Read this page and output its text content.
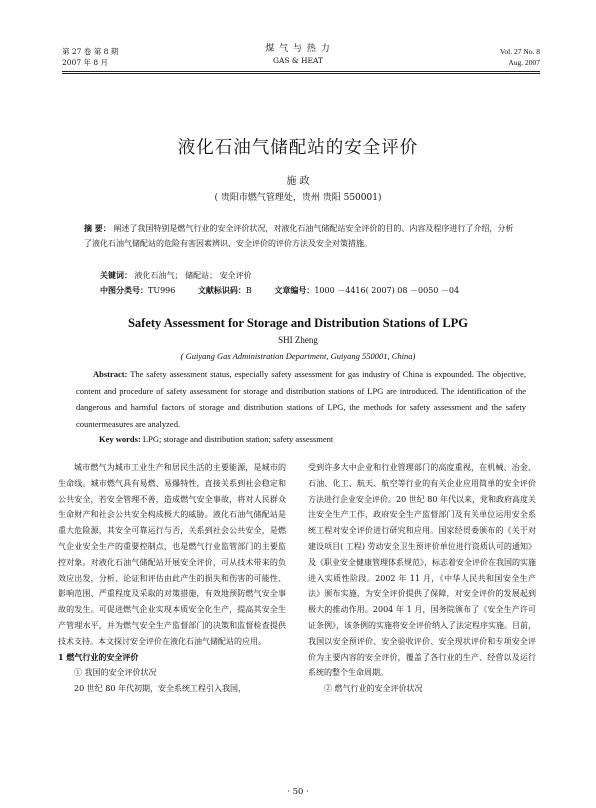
第 27 卷 第 8 期
2007 年 8 月
煤 气 与 热 力
GAS & HEAT
Vol. 27 No. 8
Aug. 2007
液化石油气储配站的安全评价
施 政
( 贵阳市燃气管理处，贵州 贵阳 550001)
摘 要： 阐述了我国特别是燃气行业的安全评价状况，对液化石油气储配站安全评价的目的、内容及程序进行了介绍，分析了液化石油气储配站的危险有害因素辨识、安全评价的评价方法及安全对策措施。
关键词： 液化石油气； 储配站； 安全评价
中图分类号：TU996	文献标识码：B	文章编号：1000 －4416( 2007) 08 －0050 －04
Safety Assessment for Storage and Distribution Stations of LPG
SHI Zheng
( Guiyang Gas Administration Department, Guiyang 550001, China)
Abstract: The safety assessment status, especially safety assessment for gas industry of China is expounded. The objective, content and procedure of safety assessment for storage and distribution stations of LPG are introduced. The identification of the dangerous and harmful factors of storage and distribution stations of LPG, the methods for safety assessment and the safety countermeasures are analyzed.
Key words: LPG; storage and distribution station; safety assessment

城市燃气为城市工业生产和居民生活的主要能源，是城市的生命线。城市燃气具有易燃、易爆特性，直接关系到社会稳定和公共安全，若安全管理不善，造成燃气安全事故，将对人民群众生命财产和社会公共安全构成极大的威胁。液化石油气储配站是重大危险源，其安全可靠运行与否，关系到社会公共安全，是燃气企业安全生产的重要控制点，也是燃气行业监管部门的主要监控对象。对液化石油气储配站开展安全评价，可从技术带来的负效应出发，分析、论证和评估由此产生的损失和伤害的可能性、影响范围、严重程度及采取的对策措施，有效地预防燃气安全事故的发生。可促进燃气企业实现本质安全化生产，提高其安全生产管理水平，并为燃气安全生产监督部门的决策和监督检查提供技术支持。本文探讨安全评价在液化石油气储配站的应用。

1 燃气行业的安全评价

① 我国的安全评价状况

20 世纪 80 年代初期，安全系统工程引入我国，

受到许多大中企业和行业管理部门的高度重视，在机械、冶金、石油、化工、航天、航空等行业的有关企业应用简单的安全评价方法进行企业安全评价。20 世纪 80 年代以来，党和政府高度关注安全生产工作，政府安全生产监督部门及有关单位运用安全系统工程对安全评价进行研究和应用。国家经贸委颁布的《关于对建设项目( 工程) 劳动安全卫生预评价单位进行资质认可的通知》及《职业安全健康管理体系规范》，标志着安全评价在我国的实施进入实质性阶段。2002 年 11 月，《中华人民共和国安全生产法》颁布实施，为安全评价提供了保障，对安全评价的发展起到极大的推动作用。2004 年 1 月，国务院颁布了《安全生产许可证条例》，该条例的实施将安全评价纳入了法定程序实施。目前，我国以安全预评价、安全验收评价、安全现状评价和专项安全评价为主要内容的安全评价，覆盖了各行业的生产、经营以及运行系统的整个生命周期。

② 燃气行业的安全评价状况

· 50 ·
